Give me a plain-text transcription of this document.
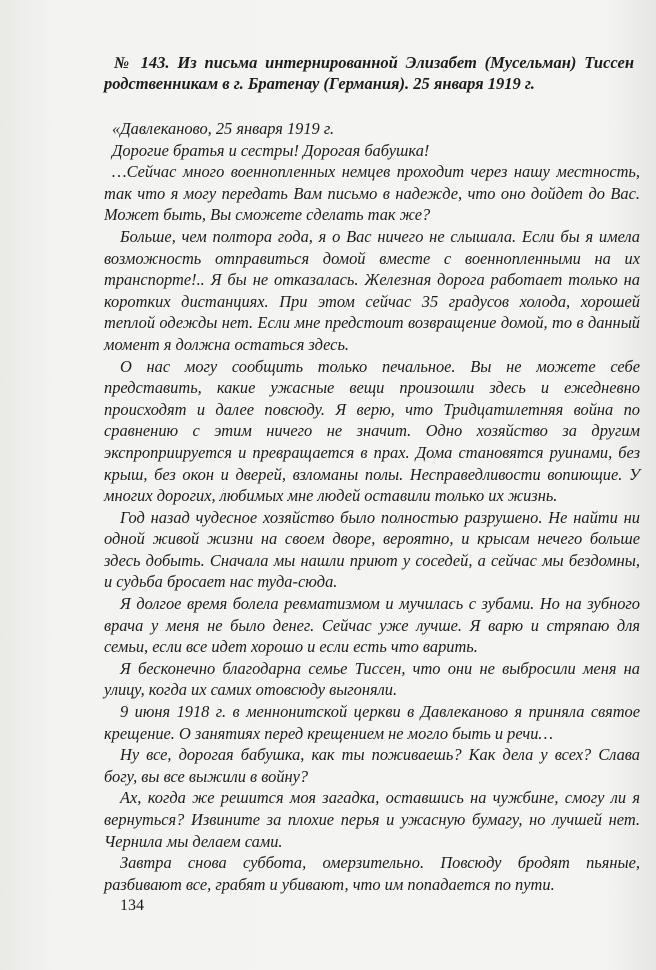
№ 143. Из письма интернированной Элизабет (Мусельман) Тиссен родственникам в г. Братенау (Германия). 25 января 1919 г.

«Давлеканово, 25 января 1919 г.

Дорогие братья и сестры! Дорогая бабушка!

…Сейчас много военнопленных немцев проходит через нашу местность, так что я могу передать Вам письмо в надежде, что оно дойдет до Вас. Может быть, Вы сможете сделать так же?

Больше, чем полтора года, я о Вас ничего не слышала. Если бы я имела возможность отправиться домой вместе с военнопленными на их транспорте!.. Я бы не отказалась. Железная дорога работает только на коротких дистанциях. При этом сейчас 35 градусов холода, хорошей теплой одежды нет. Если мне предстоит возвращение домой, то в данный момент я должна остаться здесь.

О нас могу сообщить только печальное. Вы не можете себе представить, какие ужасные вещи произошли здесь и ежедневно происходят и далее повсюду. Я верю, что Тридцатилетняя война по сравнению с этим ничего не значит. Одно хозяйство за другим экспроприируется и превращается в прах. Дома становятся руинами, без крыш, без окон и дверей, взломаны полы. Несправедливости вопиющие. У многих дорогих, любимых мне людей оставили только их жизнь.

Год назад чудесное хозяйство было полностью разрушено. Не найти ни одной живой жизни на своем дворе, вероятно, и крысам нечего больше здесь добыть. Сначала мы нашли приют у соседей, а сейчас мы бездомны, и судьба бросает нас туда-сюда.

Я долгое время болела ревматизмом и мучилась с зубами. Но на зубного врача у меня не было денег. Сейчас уже лучше. Я варю и стряпаю для семьи, если все идет хорошо и если есть что варить.

Я бесконечно благодарна семье Тиссен, что они не выбросили меня на улицу, когда их самих отовсюду выгоняли.

9 июня 1918 г. в меннонитской церкви в Давлеканово я приняла святое крещение. О занятиях перед крещением не могло быть и речи…

Ну все, дорогая бабушка, как ты поживаешь? Как дела у всех? Слава богу, вы все выжили в войну?

Ах, когда же решится моя загадка, оставшись на чужбине, смогу ли я вернуться? Извините за плохие перья и ужасную бумагу, но лучшей нет. Чернила мы делаем сами.

Завтра снова суббота, омерзительно. Повсюду бродят пьяные, разбивают все, грабят и убивают, что им попадается по пути.

134
